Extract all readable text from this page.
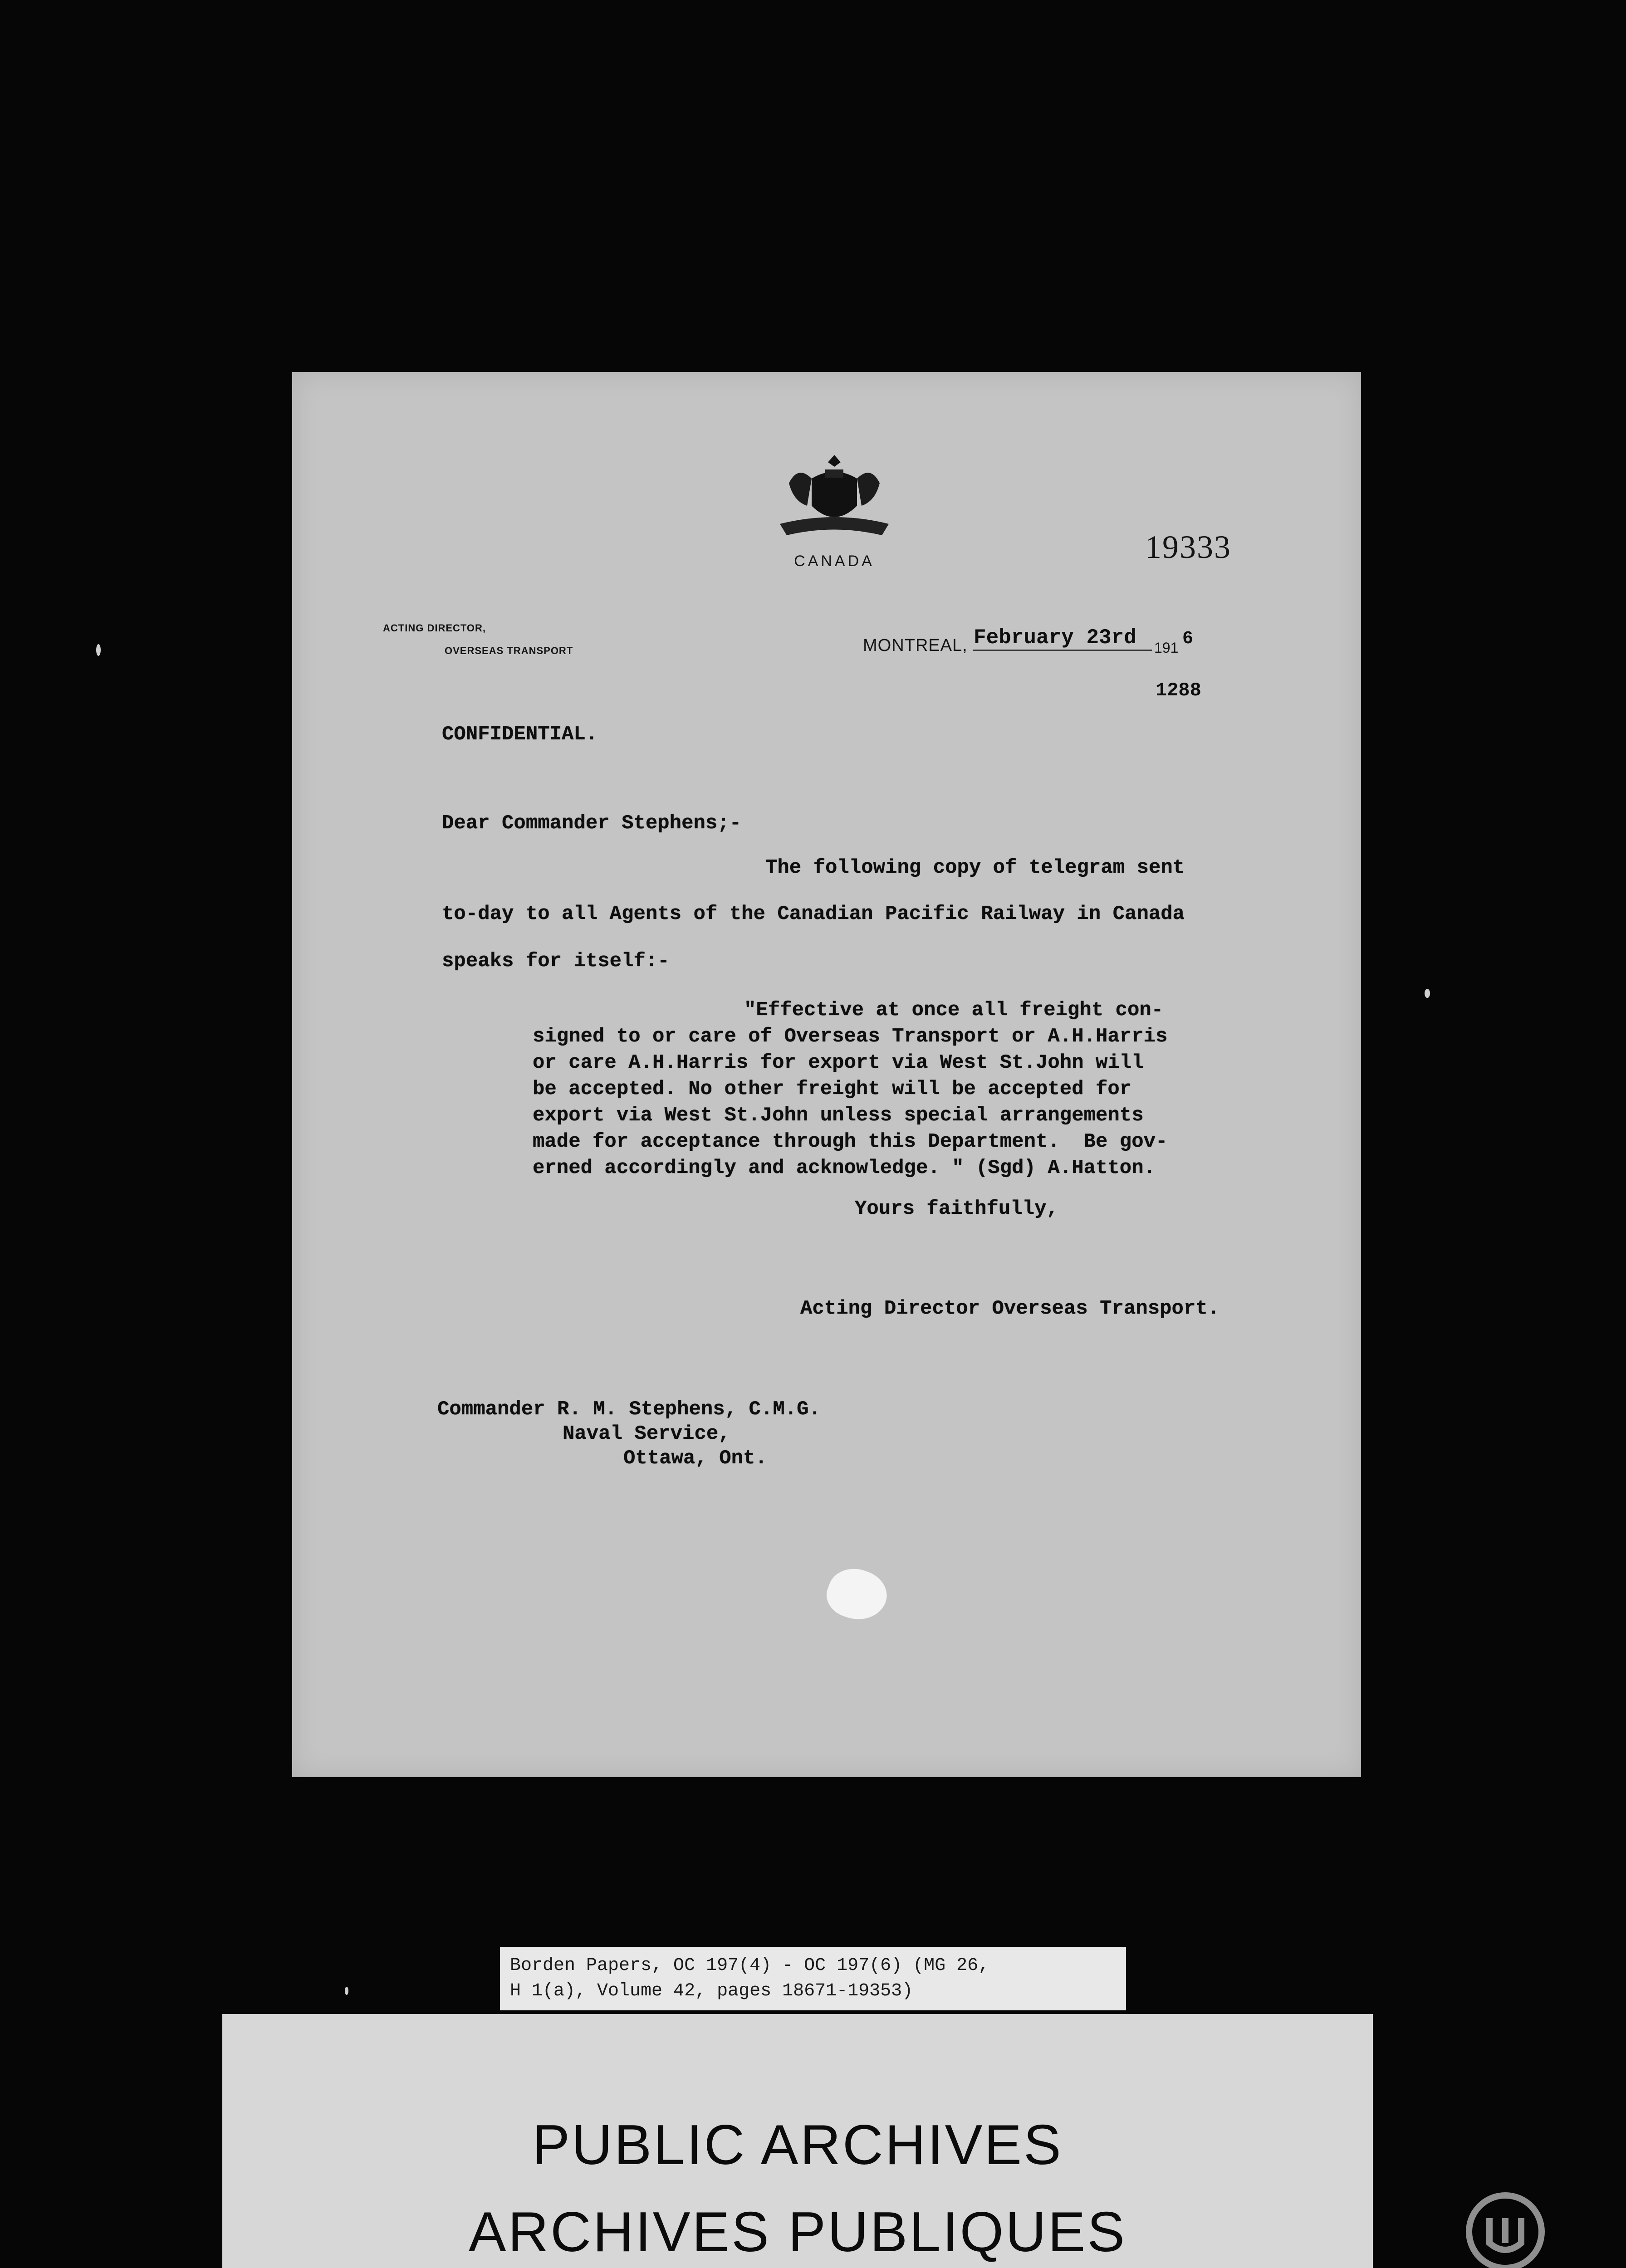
CANADA	19333
ACTING DIRECTOR,
OVERSEAS TRANSPORT	MONTREAL, February 23rd 191 6
1288
CONFIDENTIAL.
Dear Commander Stephens;-
The following copy of telegram sent
to-day to all Agents of the Canadian Pacific Railway in Canada
speaks for itself:-
"Effective at once all freight con-
signed to or care of Overseas Transport or A.H.Harris
or care A.H.Harris for export via West St.John will
be accepted. No other freight will be accepted for
export via West St.John unless special arrangements
made for acceptance through this Department.  Be gov-
erned accordingly and acknowledge. " (Sgd) A.Hatton.
Yours faithfully,
Acting Director Overseas Transport.
Commander R. M. Stephens, C.M.G.
Naval Service,
Ottawa, Ont.
Borden Papers, OC 197(4) - OC 197(6) (MG 26,
H 1(a), Volume 42, pages 18671-19353)
PUBLIC ARCHIVES
ARCHIVES PUBLIQUES
